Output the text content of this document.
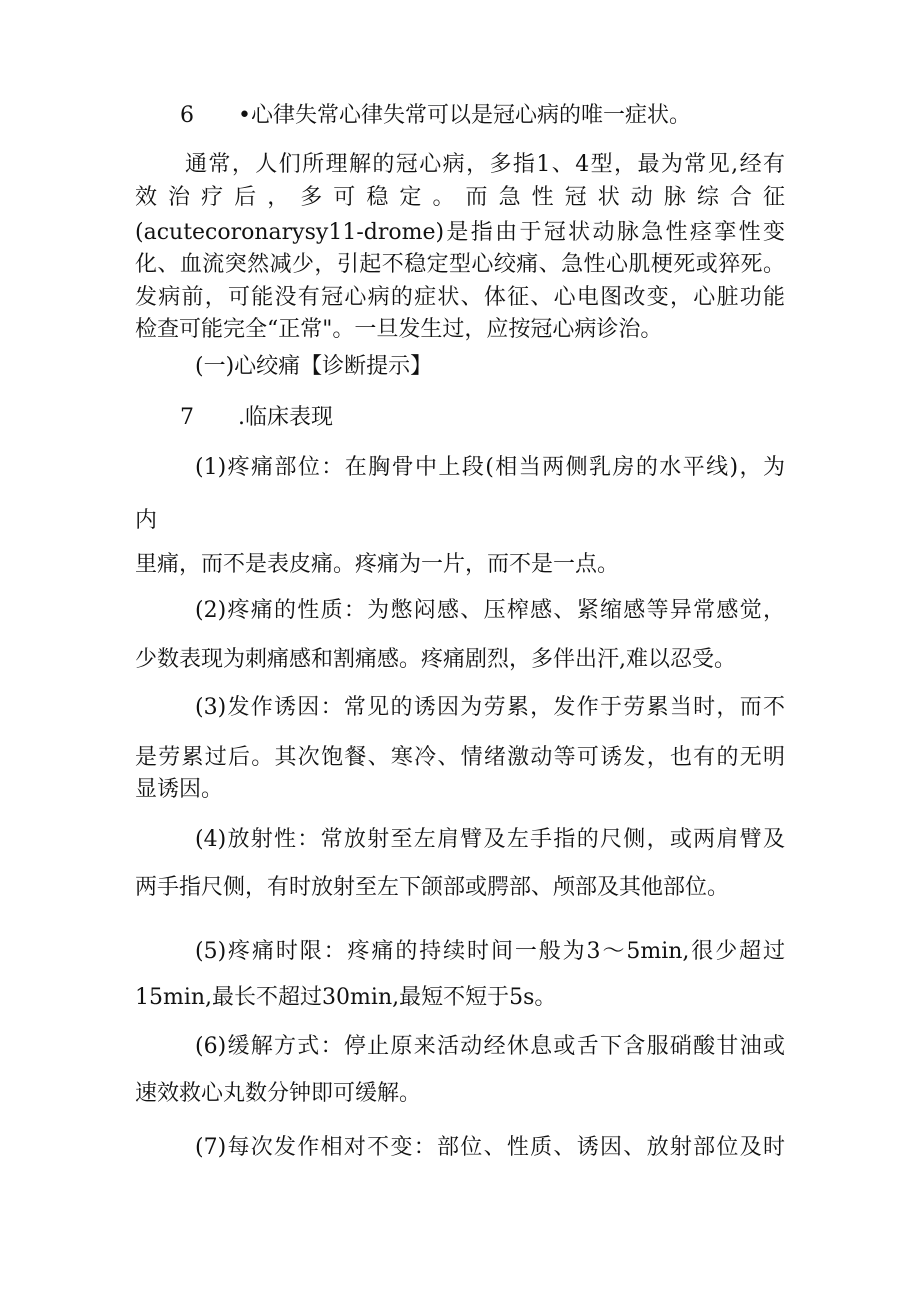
6　　•心律失常心律失常可以是冠心病的唯一症状。
通常，人们所理解的冠心病，多指1、4型，最为常见,经有
效治疗后，多可稳定。而急性冠状动脉综合征
(acutecoronarysy11-drome)是指由于冠状动脉急性痉挛性变
化、血流突然减少，引起不稳定型心绞痛、急性心肌梗死或猝死。
发病前，可能没有冠心病的症状、体征、心电图改变，心脏功能
检查可能完全“正常"。一旦发生过，应按冠心病诊治。
(一)心绞痛【诊断提示】
7　　.临床表现
(1)疼痛部位：在胸骨中上段(相当两侧乳房的水平线)，为
内
里痛，而不是表皮痛。疼痛为一片，而不是一点。
(2)疼痛的性质：为憋闷感、压榨感、紧缩感等异常感觉，
少数表现为刺痛感和割痛感。疼痛剧烈，多伴出汗,难以忍受。
(3)发作诱因：常见的诱因为劳累，发作于劳累当时，而不
是劳累过后。其次饱餐、寒冷、情绪激动等可诱发，也有的无明
显诱因。
(4)放射性：常放射至左肩臂及左手指的尺侧，或两肩臂及
两手指尺侧，有时放射至左下颌部或腭部、颅部及其他部位。
(5)疼痛时限：疼痛的持续时间一般为3～5min,很少超过
15min,最长不超过30min,最短不短于5s。
(6)缓解方式：停止原来活动经休息或舌下含服硝酸甘油或
速效救心丸数分钟即可缓解。
(7)每次发作相对不变：部位、性质、诱因、放射部位及时
